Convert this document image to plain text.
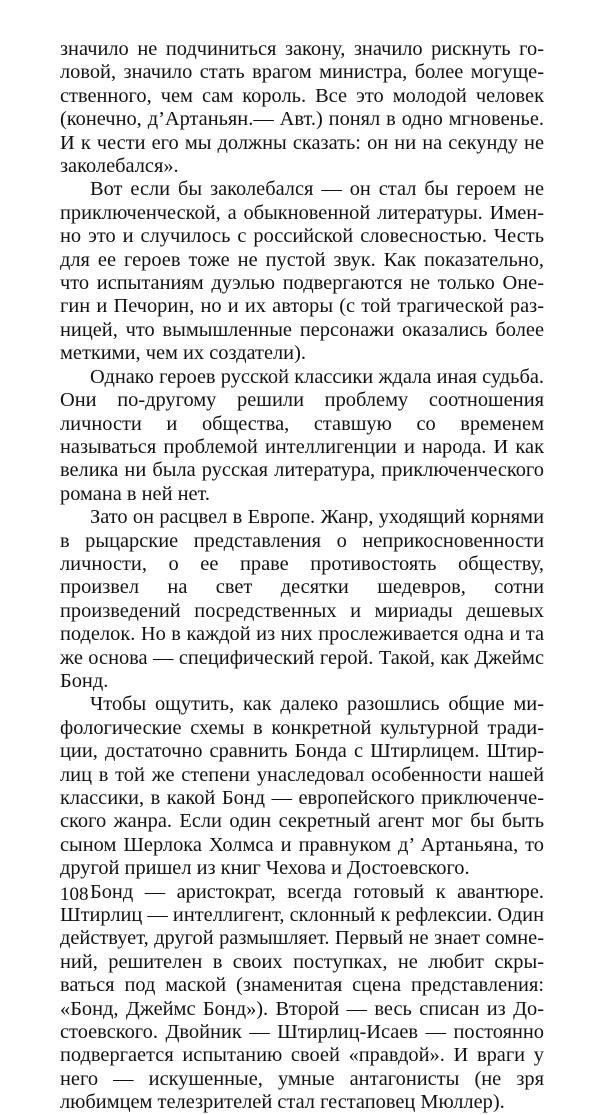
значило не подчиниться закону, значило рискнуть головой, значило стать врагом министра, более могущественного, чем сам король. Все это молодой человек (конечно, д’Артаньян.— Авт.) понял в одно мгновенье. И к чести его мы должны сказать: он ни на секунду не заколебался».

Вот если бы заколебался — он стал бы героем не приключенческой, а обыкновенной литературы. Именно это и случилось с российской словесностью. Честь для ее героев тоже не пустой звук. Как показательно, что испытаниям дуэлью подвергаются не только Онегин и Печорин, но и их авторы (с той трагической разницей, что вымышленные персонажи оказались более меткими, чем их создатели).

Однако героев русской классики ждала иная судьба. Они по-другому решили проблему соотношения личности и общества, ставшую со временем называться проблемой интеллигенции и народа. И как велика ни была русская литература, приключенческого романа в ней нет.

Зато он расцвел в Европе. Жанр, уходящий корнями в рыцарские представления о неприкосновенности личности, о ее праве противостоять обществу, произвел на свет десятки шедевров, сотни произведений посредственных и мириады дешевых поделок. Но в каждой из них прослеживается одна и та же основа — специфический герой. Такой, как Джеймс Бонд.

Чтобы ощутить, как далеко разошлись общие мифологические схемы в конкретной культурной традиции, достаточно сравнить Бонда с Штирлицем. Штирлиц в той же степени унаследовал особенности нашей классики, в какой Бонд — европейского приключенческого жанра. Если один секретный агент мог бы быть сыном Шерлока Холмса и правнуком д’ Артаньяна, то другой пришел из книг Чехова и Достоевского.

Бонд — аристократ, всегда готовый к авантюре. Штирлиц — интеллигент, склонный к рефлексии. Один действует, другой размышляет. Первый не знает сомнений, решителен в своих поступках, не любит скрываться под маской (знаменитая сцена представления: «Бонд, Джеймс Бонд»). Второй — весь списан из Достоевского. Двойник — Штирлиц-Исаев — постоянно подвергается испытанию своей «правдой». И враги у него — искушенные, умные антагонисты (не зря любимцем телезрителей стал гестаповец Мюллер).

108
